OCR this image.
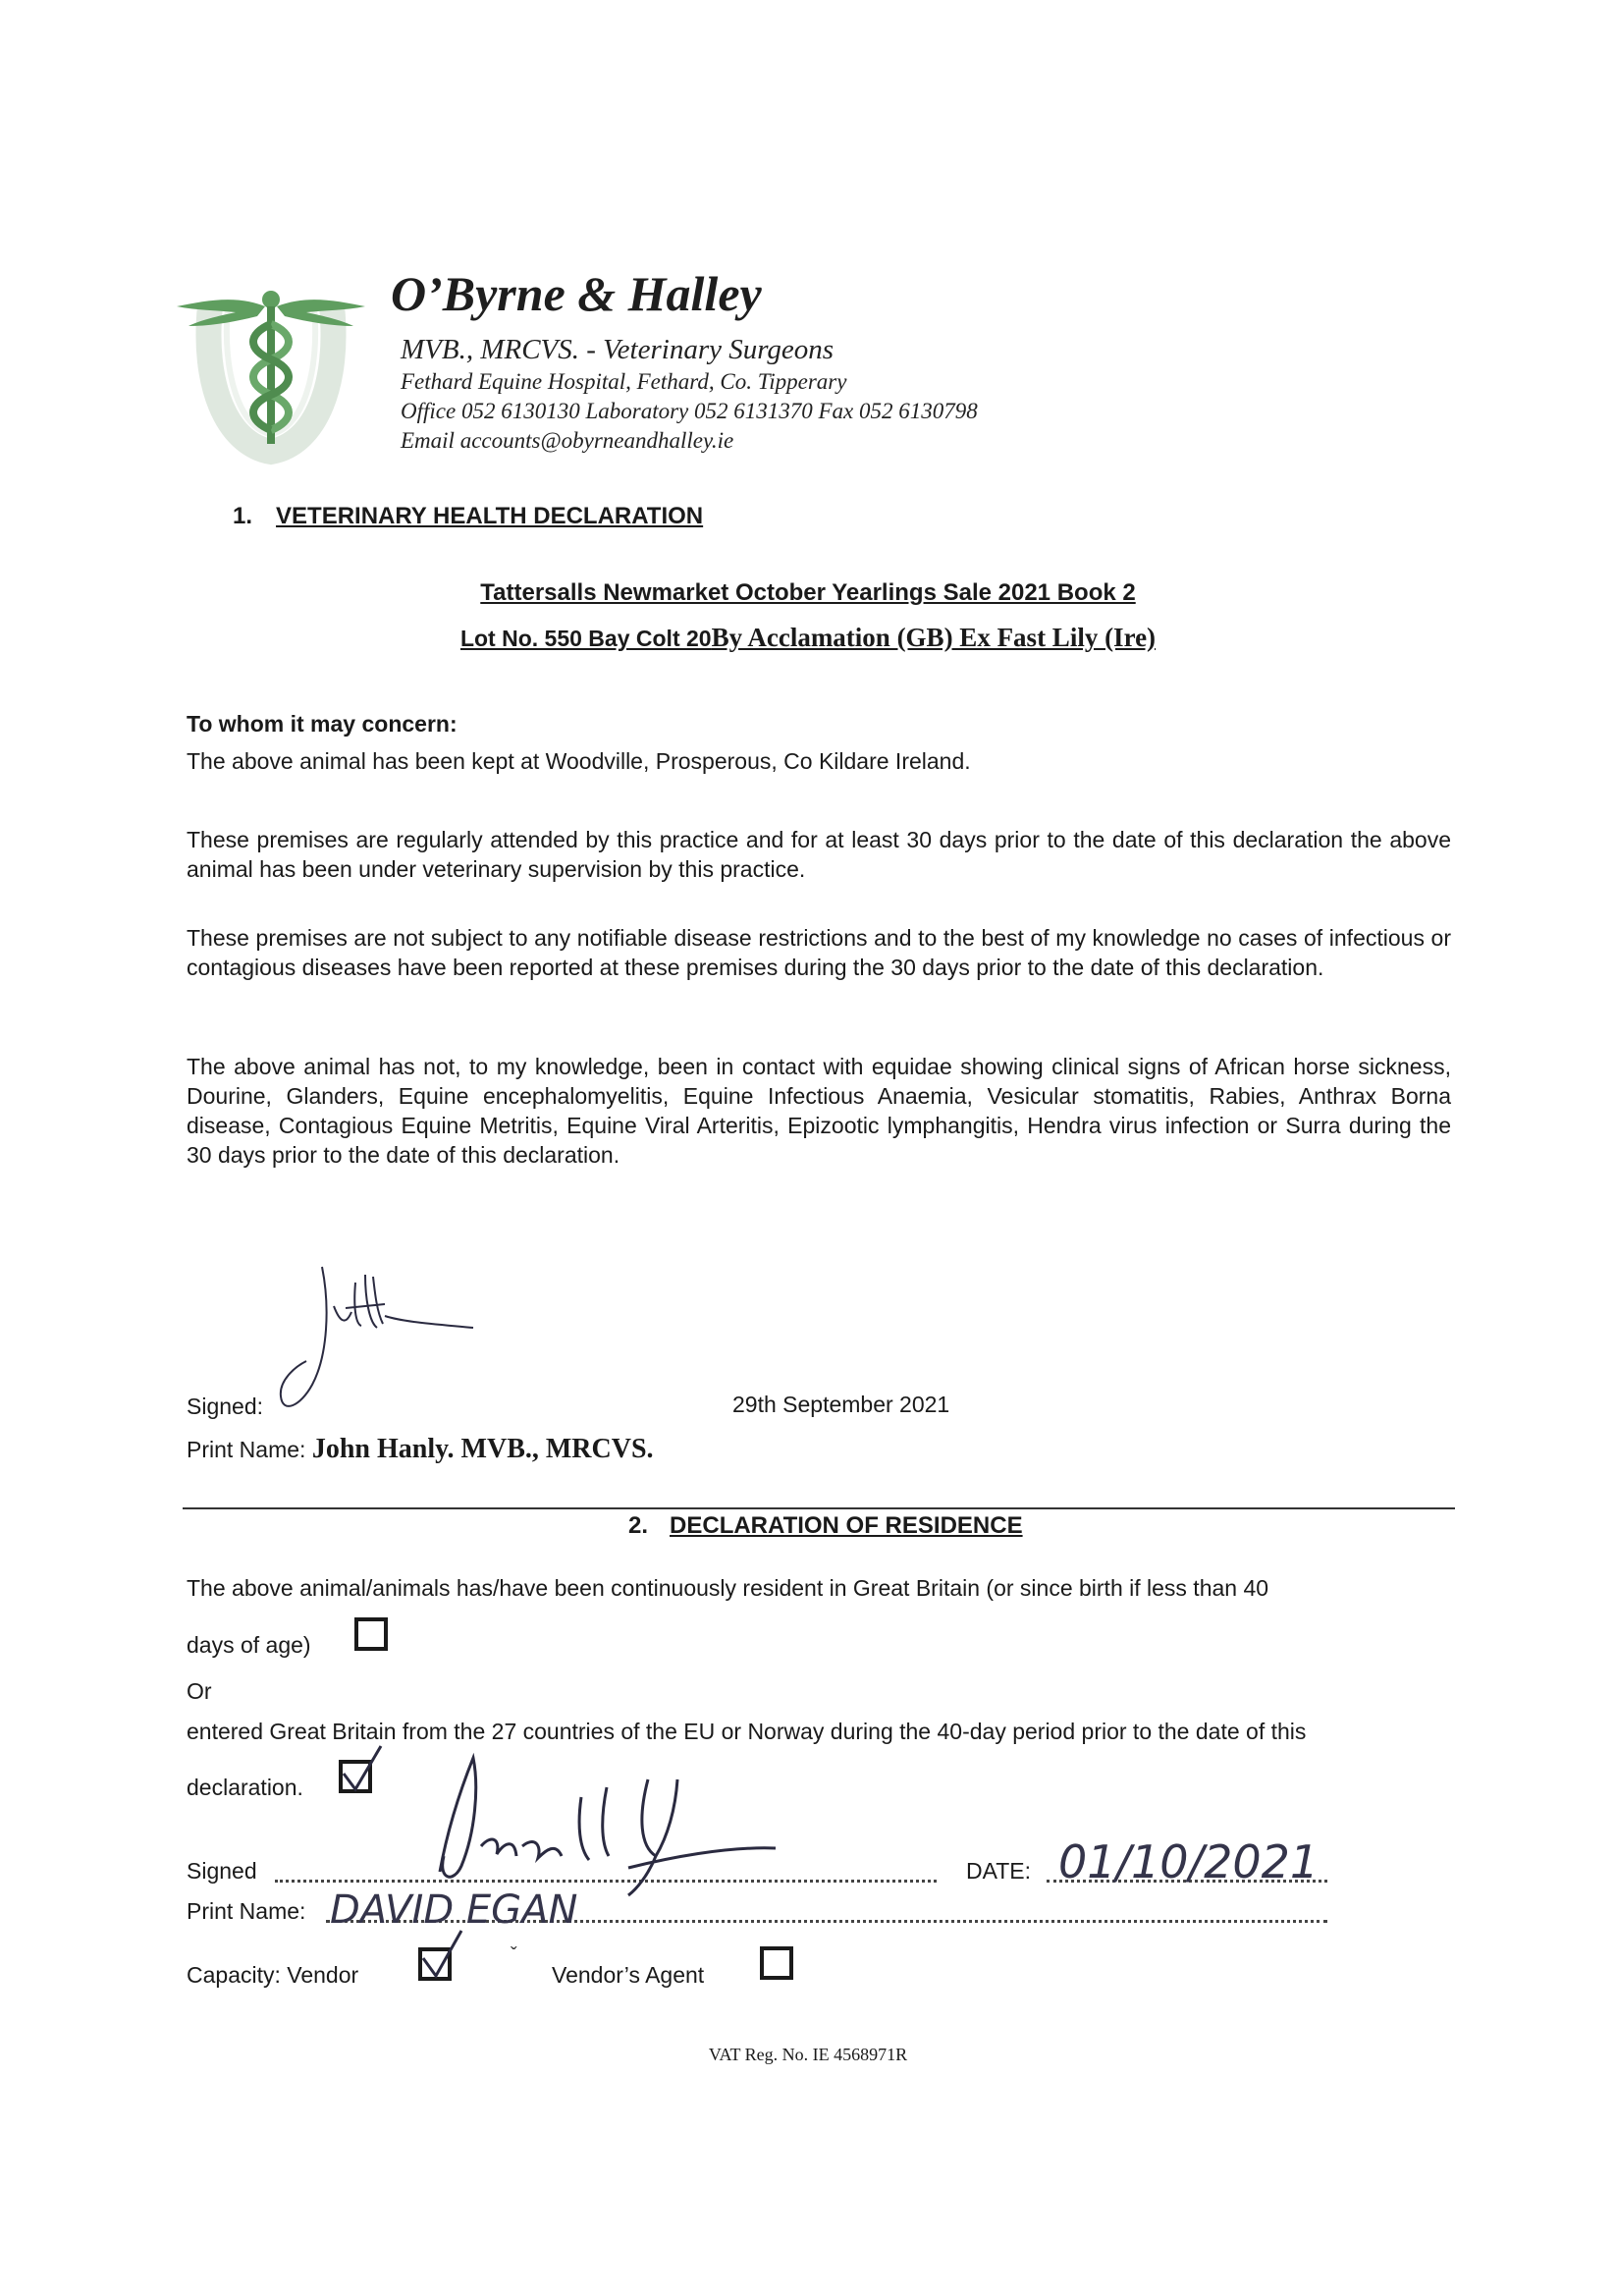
O’Byrne & Halley
MVB., MRCVS. - Veterinary Surgeons
Fethard Equine Hospital, Fethard, Co. Tipperary
Office 052 6130130 Laboratory 052 6131370 Fax 052 6130798
Email accounts@obyrneandhalley.ie
1. VETERINARY HEALTH DECLARATION
Tattersalls Newmarket October Yearlings Sale 2021 Book 2
Lot No. 550 Bay Colt 20By Acclamation (GB) Ex Fast Lily (Ire)
To whom it may concern:
The above animal has been kept at Woodville, Prosperous, Co Kildare Ireland.
These premises are regularly attended by this practice and for at least 30 days prior to the date of this declaration the above animal has been under veterinary supervision by this practice.
These premises are not subject to any notifiable disease restrictions and to the best of my knowledge no cases of infectious or contagious diseases have been reported at these premises during the 30 days prior to the date of this declaration.
The above animal has not, to my knowledge, been in contact with equidae showing clinical signs of African horse sickness, Dourine, Glanders, Equine encephalomyelitis, Equine Infectious Anaemia, Vesicular stomatitis, Rabies, Anthrax Borna disease, Contagious Equine Metritis, Equine Viral Arteritis, Epizootic lymphangitis, Hendra virus infection or Surra during the 30 days prior to the date of this declaration.
Signed:	29th September 2021
Print Name: John Hanly. MVB., MRCVS.
2. DECLARATION OF RESIDENCE
The above animal/animals has/have been continuously resident in Great Britain (or since birth if less than 40
days of age)
Or
entered Great Britain from the 27 countries of the EU or Norway during the 40-day period prior to the date of this
declaration.
Signed	DATE:
Print Name:
Capacity: Vendor	Vendor’s Agent
01/10/2021
DAVID EGAN
ˇ
VAT Reg. No. IE 4568971R
